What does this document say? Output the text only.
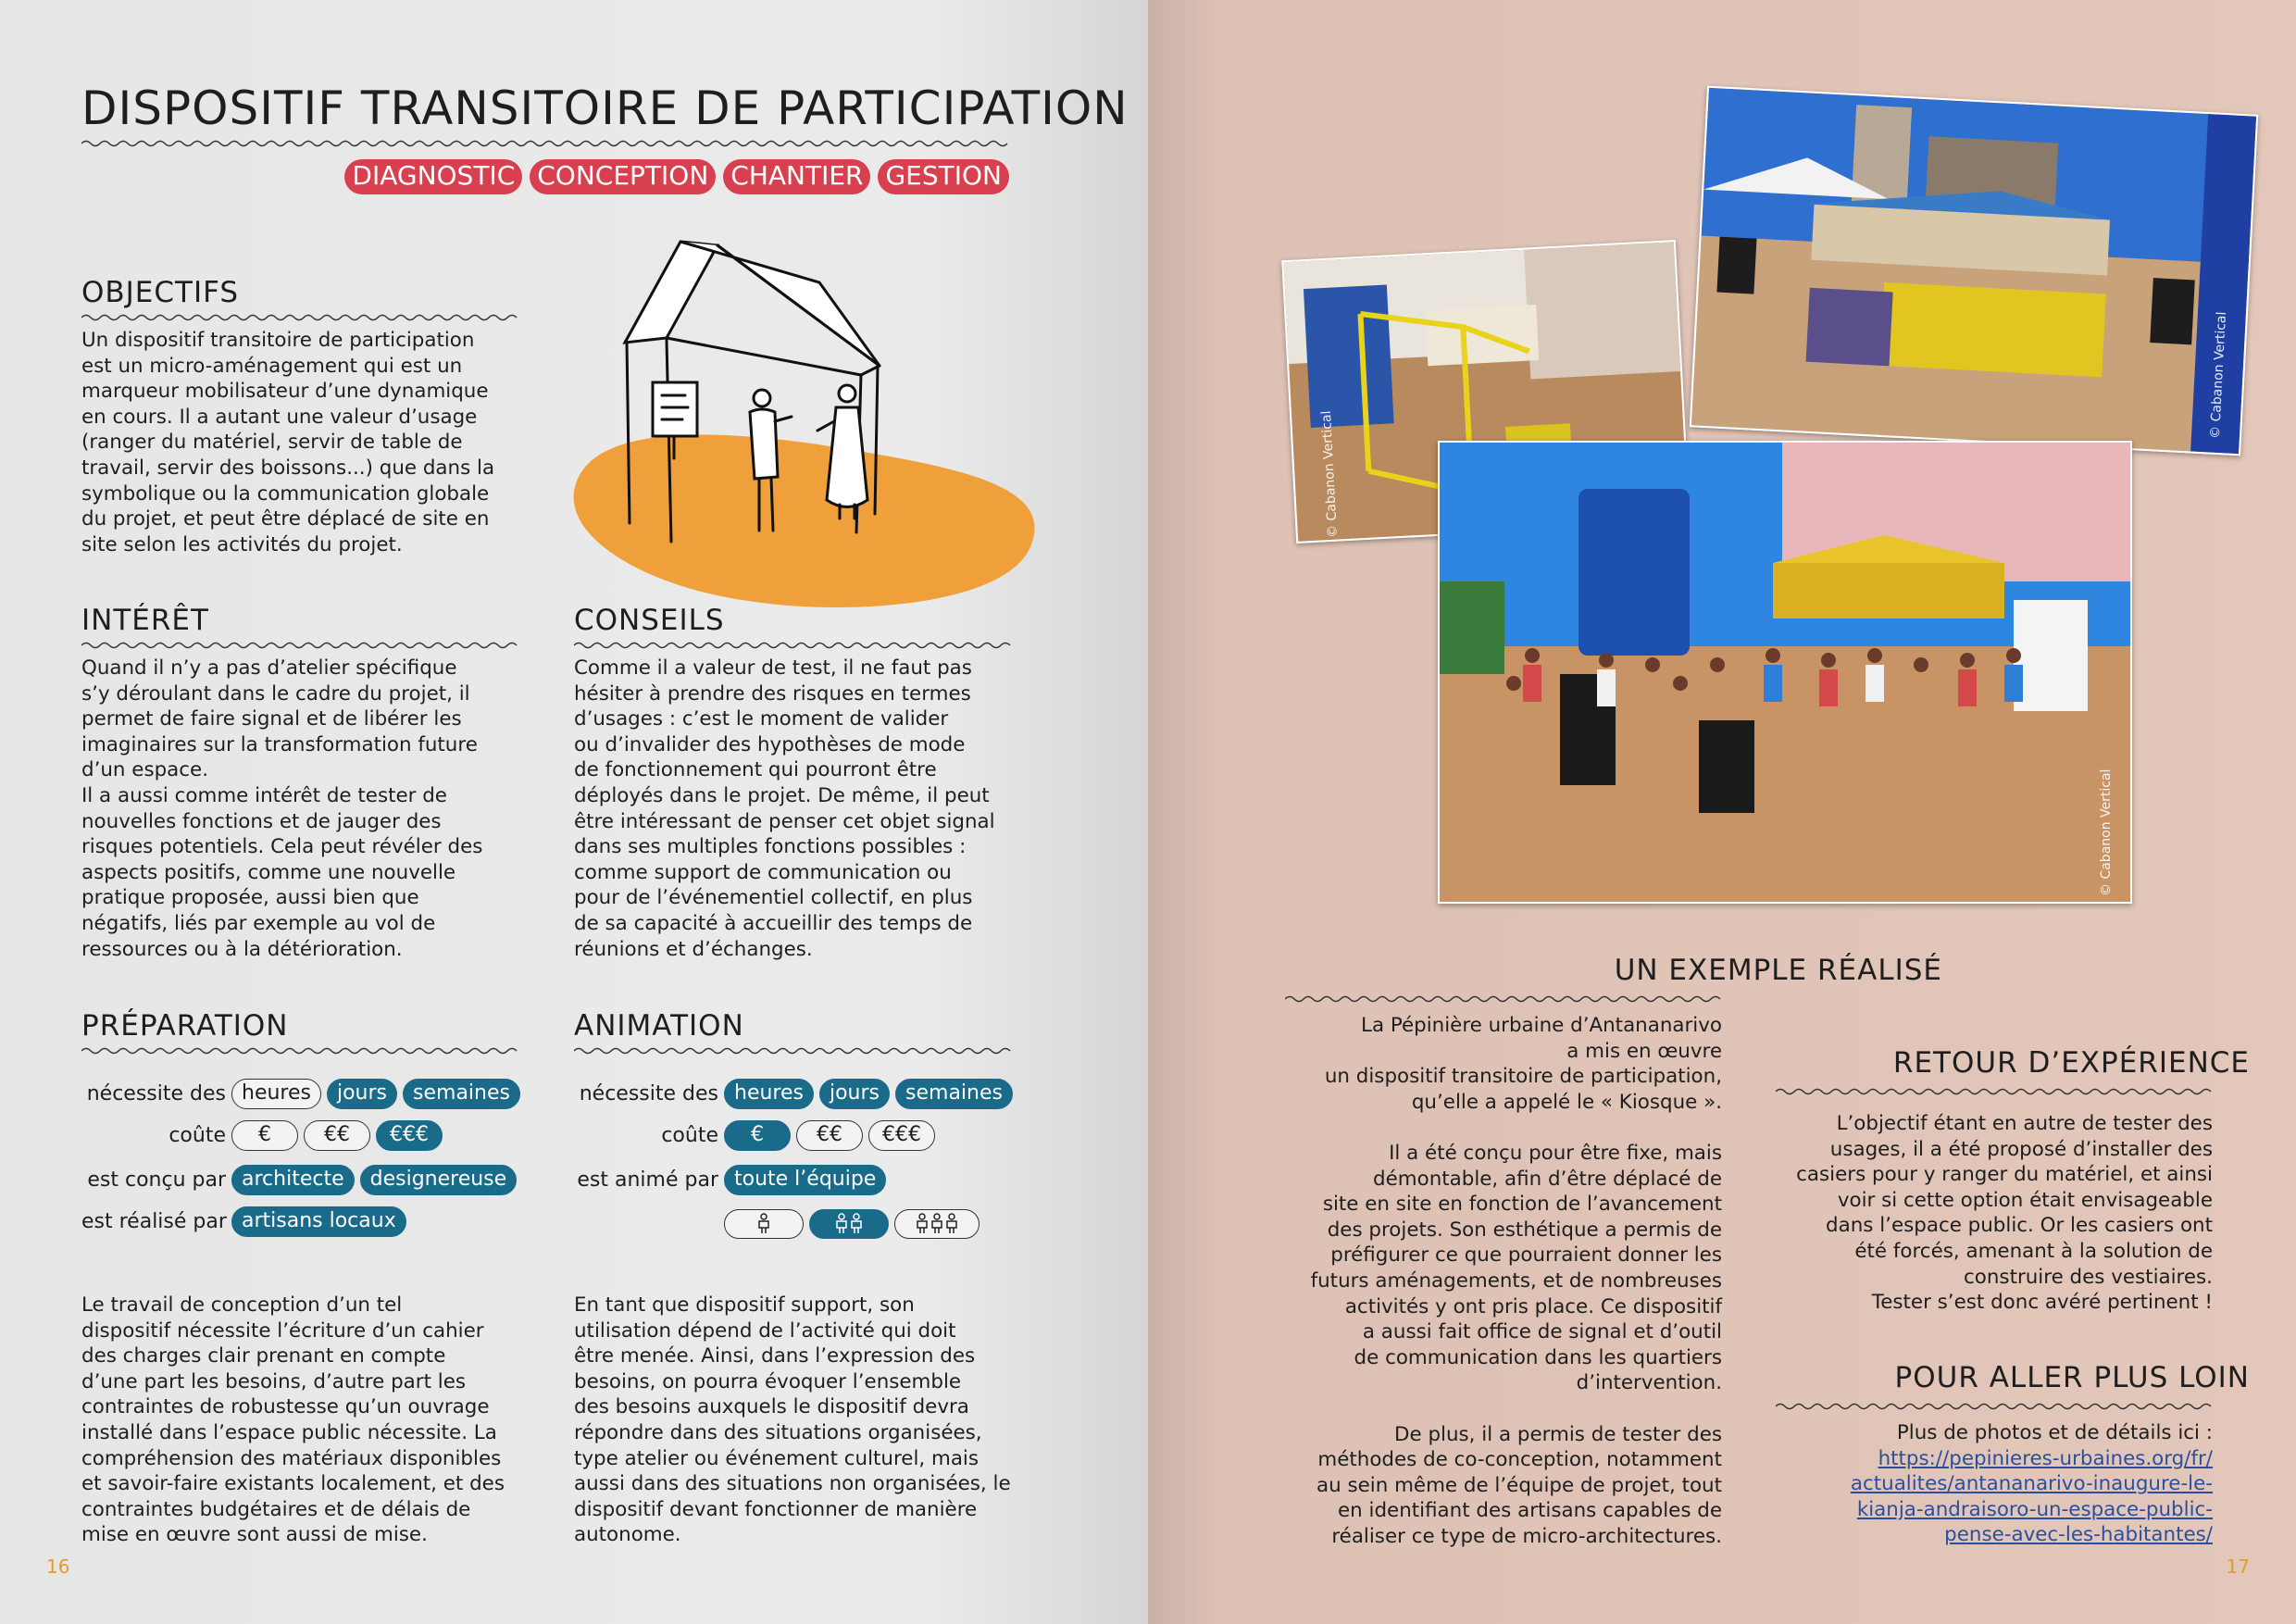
DISPOSITIF TRANSITOIRE DE PARTICIPATION
DIAGNOSTIC CONCEPTION CHANTIER GESTION
OBJECTIFS

Un dispositif transitoire de participation

est un micro-aménagement qui est un

marqueur mobilisateur d’une dynamique

en cours. Il a autant une valeur d’usage

(ranger du matériel, servir de table de

travail, servir des boissons...) que dans la

symbolique ou la communication globale

du projet, et peut être déplacé de site en

site selon les activités du projet.

INTÉRÊT

Quand il n’y a pas d’atelier spécifique

s’y déroulant dans le cadre du projet, il

permet de faire signal et de libérer les

imaginaires sur la transformation future

d’un espace.

Il a aussi comme intérêt de tester de

nouvelles fonctions et de jauger des

risques potentiels. Cela peut révéler des

aspects positifs, comme une nouvelle

pratique proposée, aussi bien que

négatifs, liés par exemple au vol de

ressources ou à la détérioration.

CONSEILS

Comme il a valeur de test, il ne faut pas

hésiter à prendre des risques en termes

d’usages : c’est le moment de valider

ou d’invalider des hypothèses de mode

de fonctionnement qui pourront être

déployés dans le projet. De même, il peut

être intéressant de penser cet objet signal

dans ses multiples fonctions possibles :

comme support de communication ou

pour de l’événementiel collectif, en plus

de sa capacité à accueillir des temps de

réunions et d’échanges.

PRÉPARATION
nécessite des heures	jours	semaines
coûte	€	€€	€€€
est conçu par architecte	designereuse
est réalisé par artisans locaux

Le travail de conception d’un tel

dispositif nécessite l’écriture d’un cahier

des charges clair prenant en compte

d’une part les besoins, d’autre part les

contraintes de robustesse qu’un ouvrage

installé dans l’espace public nécessite. La

compréhension des matériaux disponibles

et savoir-faire existants localement, et des

contraintes budgétaires et de délais de

mise en œuvre sont aussi de mise.

ANIMATION
nécessite des heures	jours	semaines
coûte	€	€€	€€€
est animé par toute l’équipe

En tant que dispositif support, son

utilisation dépend de l’activité qui doit

être menée. Ainsi, dans l’expression des

besoins, on pourra évoquer l’ensemble

des besoins auxquels le dispositif devra

répondre dans des situations organisées,

type atelier ou événement culturel, mais

aussi dans des situations non organisées, le

dispositif devant fonctionner de manière

autonome.

16
© Cabanon Vertical
© Cabanon Vertical
© Cabanon Vertical
UN EXEMPLE RÉALISÉ

La Pépinière urbaine d’Antananarivo

a mis en œuvre

un dispositif transitoire de participation,

qu’elle a appelé le « Kiosque ».

Il a été conçu pour être fixe, mais

démontable, afin d’être déplacé de

site en site en fonction de l’avancement

des projets. Son esthétique a permis de

préfigurer ce que pourraient donner les

futurs aménagements, et de nombreuses

activités y ont pris place. Ce dispositif

a aussi fait office de signal et d’outil

de communication dans les quartiers

d’intervention.

De plus, il a permis de tester des

méthodes de co-conception, notamment

au sein même de l’équipe de projet, tout

en identifiant des artisans capables de

réaliser ce type de micro-architectures.

RETOUR D’EXPÉRIENCE

L’objectif étant en autre de tester des

usages, il a été proposé d’installer des

casiers pour y ranger du matériel, et ainsi

voir si cette option était envisageable

dans l’espace public. Or les casiers ont

été forcés, amenant à la solution de

construire des vestiaires.

Tester s’est donc avéré pertinent !

POUR ALLER PLUS LOIN

Plus de photos et de détails ici :

https://pepinieres-urbaines.org/fr/

actualites/antananarivo-inaugure-le-

kianja-andraisoro-un-espace-public-

pense-avec-les-habitantes/

17
